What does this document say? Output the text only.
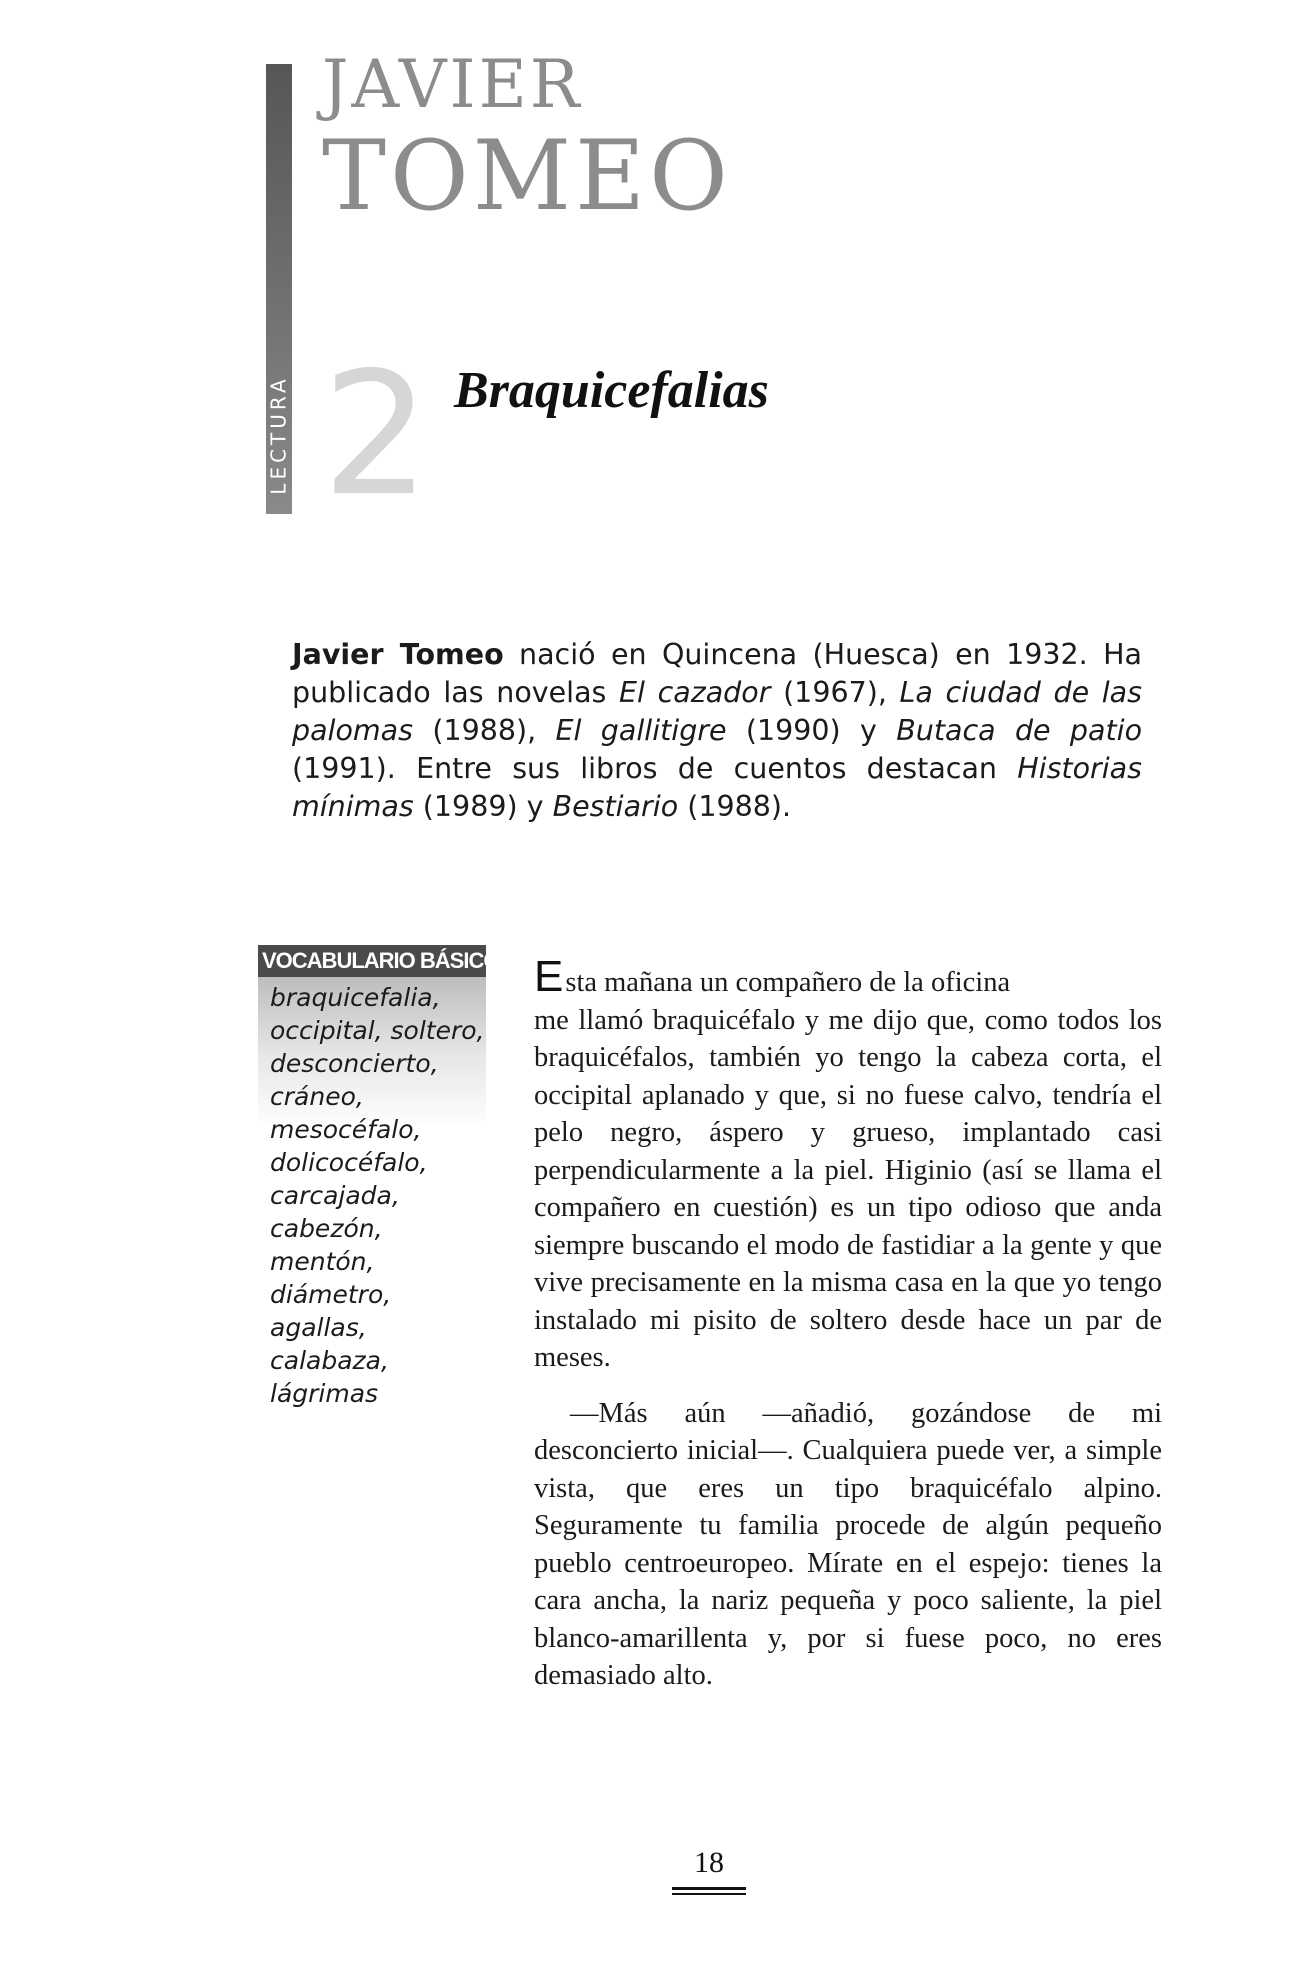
LECTURA
JAVIER
TOMEO
2 Braquicefalias

Javier Tomeo nació en Quincena (Huesca) en 1932. Ha publicado las novelas El cazador (1967), La ciudad de las palomas (1988), El gallitigre (1990) y Butaca de patio (1991). Entre sus libros de cuentos destacan Historias mínimas (1989) y Bestiario (1988).

VOCABULARIO BÁSICO
braquicefalia,
occipital, soltero,
desconcierto,
cráneo,
mesocéfalo,
dolicocéfalo,
carcajada,
cabezón,
mentón,
diámetro,
agallas,
calabaza,
lágrimas

E sta mañana un compañero de la oficina
me llamó braquicéfalo y me dijo que, como todos los braquicéfalos, también yo tengo la cabeza corta, el occipital aplanado y que, si no fuese calvo, tendría el pelo negro, áspero y grueso, implantado casi perpendicularmente a la piel. Higinio (así se llama el compañero en cuestión) es un tipo odioso que anda siempre buscando el modo de fastidiar a la gente y que vive precisamente en la misma casa en la que yo tengo instalado mi pisito de soltero desde hace un par de meses.

—Más aún —añadió, gozándose de mi desconcierto inicial—. Cualquiera puede ver, a simple vista, que eres un tipo braquicéfalo alpino. Seguramente tu familia procede de algún pequeño pueblo centroeuropeo. Mírate en el espejo: tienes la cara ancha, la nariz pequeña y poco saliente, la piel blanco-amarillenta y, por si fuese poco, no eres demasiado alto.

18
